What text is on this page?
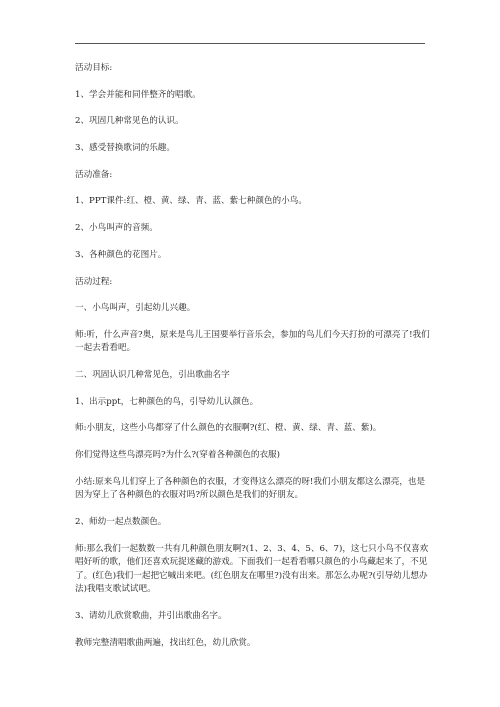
活动目标:

1、学会并能和同伴整齐的唱歌。

2、巩固几种常见色的认识。

3、感受替换歌词的乐趣。

活动准备:

1、PPT课件:红、橙、黄、绿、青、蓝、紫七种颜色的小鸟。

2、小鸟叫声的音频。

3、各种颜色的花图片。

活动过程:

一、小鸟叫声，引起幼儿兴趣。

师:听，什么声音?奥，原来是鸟儿王国要举行音乐会，参加的鸟儿们今天打扮的可漂亮了!我们一起去看看吧。

二、巩固认识几种常见色，引出歌曲名字

1、出示ppt，七种颜色的鸟，引导幼儿认颜色。

师:小朋友，这些小鸟都穿了什么颜色的衣服啊?(红、橙、黄、绿、青、蓝、紫)。

你们觉得这些鸟漂亮吗?为什么?(穿着各种颜色的衣服)

小结:原来鸟儿们穿上了各种颜色的衣服，才变得这么漂亮的呀!我们小朋友都这么漂亮，也是因为穿上了各种颜色的衣服对吗?所以颜色是我们的好朋友。

2、师幼一起点数颜色。

师:那么我们一起数数一共有几种颜色朋友啊?(1、2、3、4、5、6、7)，这七只小鸟不仅喜欢唱好听的歌，他们还喜欢玩捉迷藏的游戏。下面我们一起看看哪只颜色的小鸟藏起来了，不见了。(红色)我们一起把它喊出来吧。(红色朋友在哪里?)没有出来。那怎么办呢?(引导幼儿想办法)我唱支歌试试吧。

3、请幼儿欣赏歌曲，并引出歌曲名字。

教师完整清唱歌曲两遍，找出红色，幼儿欣赏。
